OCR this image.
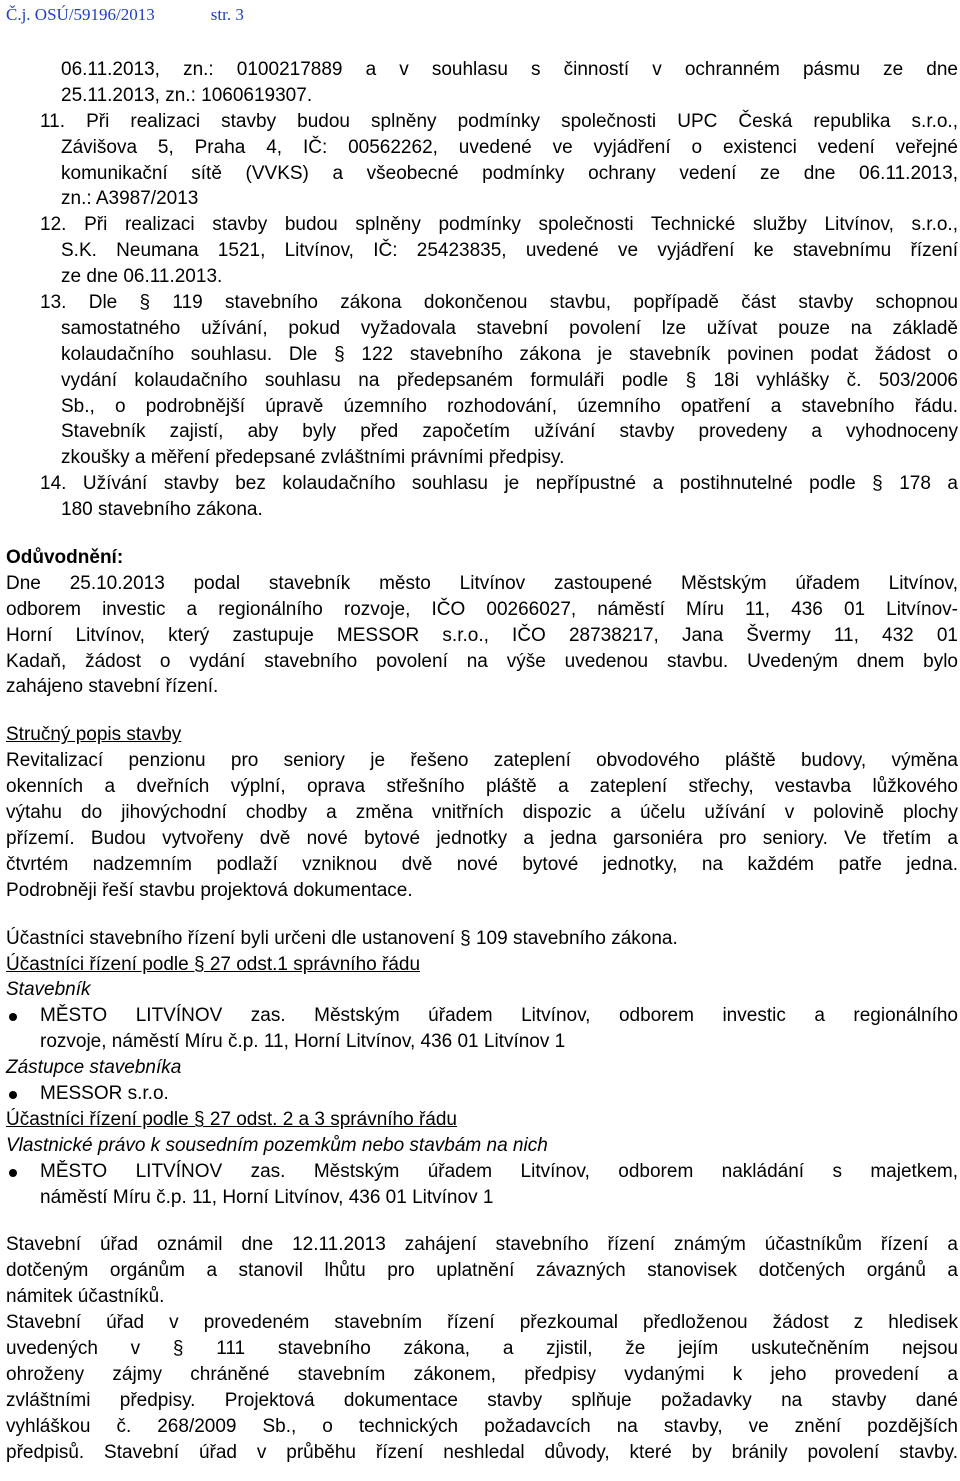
Č.j. OSÚ/59196/2013	str. 3
06.11.2013, zn.: 0100217889 a v souhlasu s činností v ochranném pásmu ze dne
25.11.2013, zn.: 1060619307.
11. Při realizaci stavby budou splněny podmínky společnosti UPC Česká republika s.r.o.,
Závišova 5, Praha 4, IČ: 00562262, uvedené ve vyjádření o existenci vedení veřejné
komunikační sítě (VVKS) a všeobecné podmínky ochrany vedení ze dne 06.11.2013,
zn.: A3987/2013
12. Při realizaci stavby budou splněny podmínky společnosti Technické služby Litvínov, s.r.o.,
S.K. Neumana 1521, Litvínov, IČ: 25423835, uvedené ve vyjádření ke stavebnímu řízení
ze dne 06.11.2013.
13. Dle § 119 stavebního zákona dokončenou stavbu, popřípadě část stavby schopnou
samostatného užívání, pokud vyžadovala stavební povolení lze užívat pouze na základě
kolaudačního souhlasu. Dle § 122 stavebního zákona je stavebník povinen podat žádost o
vydání kolaudačního souhlasu na předepsaném formuláři podle § 18i vyhlášky č. 503/2006
Sb., o podrobnější úpravě územního rozhodování, územního opatření a stavebního řádu.
Stavebník zajistí, aby byly před započetím užívání stavby provedeny a vyhodnoceny
zkoušky a měření předepsané zvláštními právními předpisy.
14. Užívání stavby bez kolaudačního souhlasu je nepřípustné a postihnutelné podle § 178 a
180 stavebního zákona.
Odůvodnění:
Dne 25.10.2013 podal stavebník město Litvínov zastoupené Městským úřadem Litvínov,
odborem investic a regionálního rozvoje, IČO 00266027, náměstí Míru 11, 436 01 Litvínov-
Horní Litvínov, který zastupuje MESSOR s.r.o., IČO 28738217, Jana Švermy 11, 432 01
Kadaň, žádost o vydání stavebního povolení na výše uvedenou stavbu. Uvedeným dnem bylo
zahájeno stavební řízení.
Stručný popis stavby
Revitalizací penzionu pro seniory je řešeno zateplení obvodového pláště budovy, výměna
okenních a dveřních výplní, oprava střešního pláště a zateplení střechy, vestavba lůžkového
výtahu do jihovýchodní chodby a změna vnitřních dispozic a účelu užívání v polovině plochy
přízemí. Budou vytvořeny dvě nové bytové jednotky a jedna garsoniéra pro seniory. Ve třetím a
čtvrtém nadzemním podlaží vzniknou dvě nové bytové jednotky, na každém patře jedna.
Podrobněji řeší stavbu projektová dokumentace.
Účastníci stavebního řízení byli určeni dle ustanovení § 109 stavebního zákona.
Účastníci řízení podle § 27 odst.1 správního řádu
Stavebník
MĚSTO LITVÍNOV zas. Městským úřadem Litvínov, odborem investic a regionálního
rozvoje, náměstí Míru č.p. 11, Horní Litvínov, 436 01 Litvínov 1
Zástupce stavebníka
MESSOR s.r.o.
Účastníci řízení podle § 27 odst. 2 a 3 správního řádu
Vlastnické právo k sousedním pozemkům nebo stavbám na nich
MĚSTO LITVÍNOV zas. Městským úřadem Litvínov, odborem nakládání s majetkem,
náměstí Míru č.p. 11, Horní Litvínov, 436 01 Litvínov 1
Stavební úřad oznámil dne 12.11.2013 zahájení stavebního řízení známým účastníkům řízení a
dotčeným orgánům a stanovil lhůtu pro uplatnění závazných stanovisek dotčených orgánů a
námitek účastníků.
Stavební úřad v provedeném stavebním řízení přezkoumal předloženou žádost z hledisek
uvedených v § 111 stavebního zákona, a zjistil, že jejím uskutečněním nejsou
ohroženy zájmy chráněné stavebním zákonem, předpisy vydanými k jeho provedení a
zvláštními předpisy. Projektová dokumentace stavby splňuje požadavky na stavby dané
vyhláškou č. 268/2009 Sb., o technických požadavcích na stavby, ve znění pozdějších
předpisů. Stavební úřad v průběhu řízení neshledal důvody, které by bránily povolení stavby.
